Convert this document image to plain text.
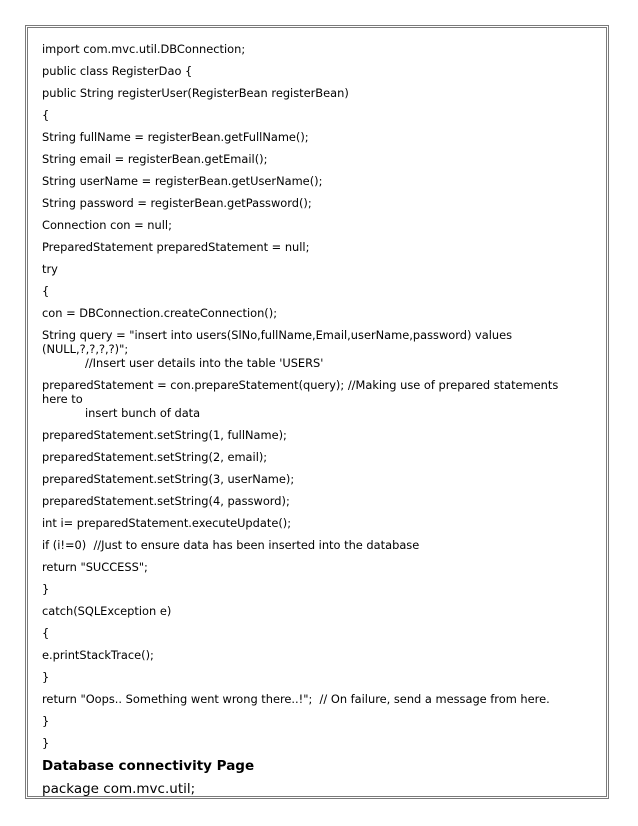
import com.mvc.util.DBConnection;
public class RegisterDao {
public String registerUser(RegisterBean registerBean)
{
String fullName = registerBean.getFullName();
String email = registerBean.getEmail();
String userName = registerBean.getUserName();
String password = registerBean.getPassword();
Connection con = null;
PreparedStatement preparedStatement = null;
try
{
con = DBConnection.createConnection();
String query = "insert into users(SlNo,fullName,Email,userName,password) values (NULL,?,?,?,?)";
//Insert user details into the table 'USERS'
preparedStatement = con.prepareStatement(query); //Making use of prepared statements here to
insert bunch of data
preparedStatement.setString(1, fullName);
preparedStatement.setString(2, email);
preparedStatement.setString(3, userName);
preparedStatement.setString(4, password);
int i= preparedStatement.executeUpdate();
if (i!=0)  //Just to ensure data has been inserted into the database
return "SUCCESS";
}
catch(SQLException e)
{
e.printStackTrace();
}
return "Oops.. Something went wrong there..!";  // On failure, send a message from here.
}
}
Database connectivity Page
package com.mvc.util;
